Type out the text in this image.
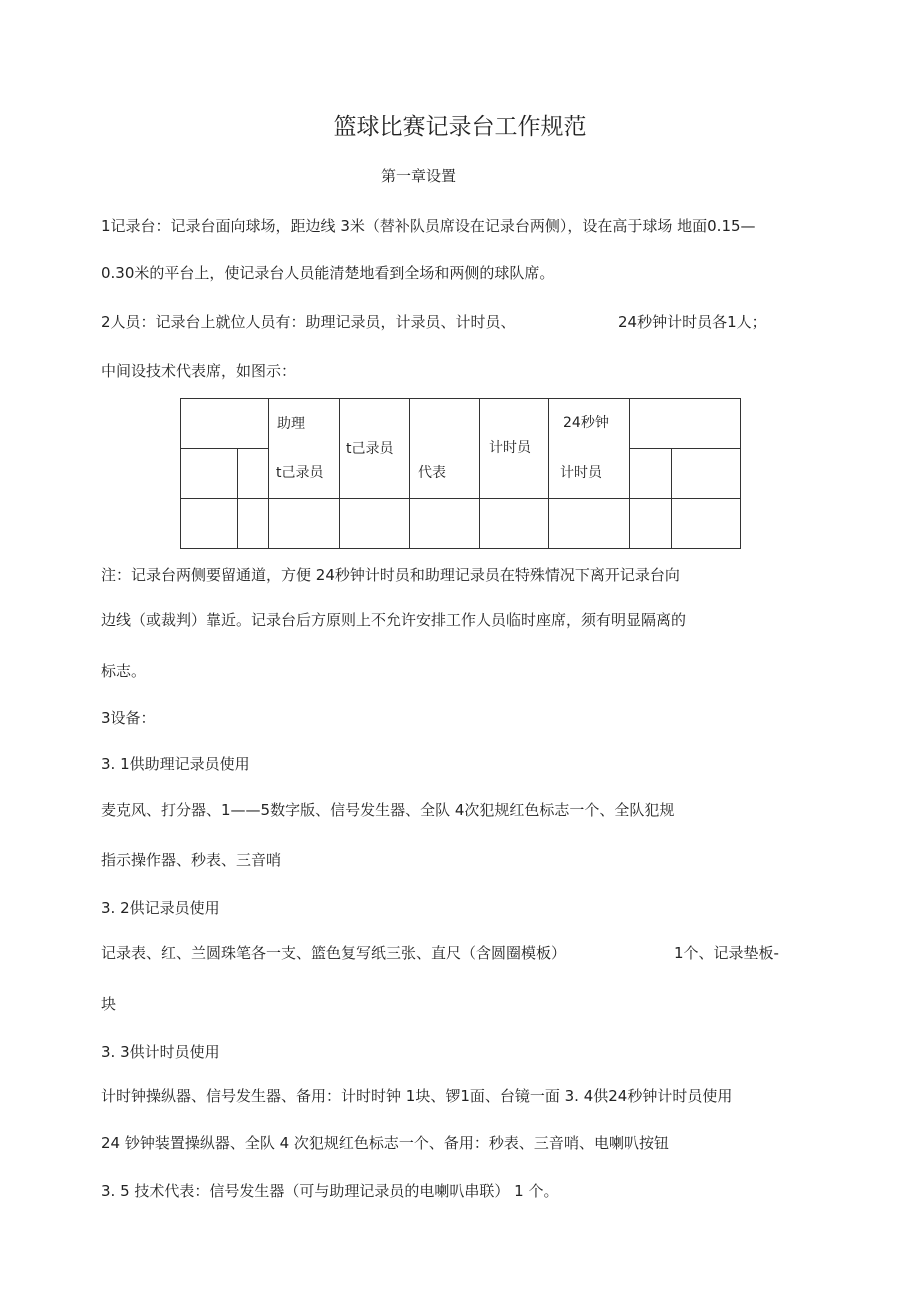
篮球比赛记录台工作规范
第一章设置
1记录台：记录台面向球场，距边线 3米（替补队员席设在记录台两侧），设在高于球场 地面0.15—
0.30米的平台上，使记录台人员能清楚地看到全场和两侧的球队席。
2人员：记录台上就位人员有：助理记录员，计录员、计时员、	24秒钟计时员各1人；
中间设技术代表席，如图示：
助理
t己录员
t己录员
代表
计时员
24秒钟
计时员
注：记录台两侧要留通道，方便 24秒钟计时员和助理记录员在特殊情况下离开记录台向
边线（或裁判）靠近。记录台后方原则上不允许安排工作人员临时座席，须有明显隔离的
标志。
3设备：
3. 1供助理记录员使用
麦克风、打分器、1——5数字版、信号发生器、全队 4次犯规红色标志一个、全队犯规
指示操作器、秒表、三音哨
3. 2供记录员使用
记录表、红、兰圆珠笔各一支、篮色复写纸三张、直尺（含圆圈模板）	1个、记录垫板-
块
3. 3供计时员使用
计时钟操纵器、信号发生器、备用：计时时钟 1块、锣1面、台镜一面 3. 4供24秒钟计时员使用
24 钞钟装置操纵器、全队 4 次犯规红色标志一个、备用：秒表、三音哨、电喇叭按钮
3. 5 技术代表：信号发生器（可与助理记录员的电喇叭串联） 1 个。
